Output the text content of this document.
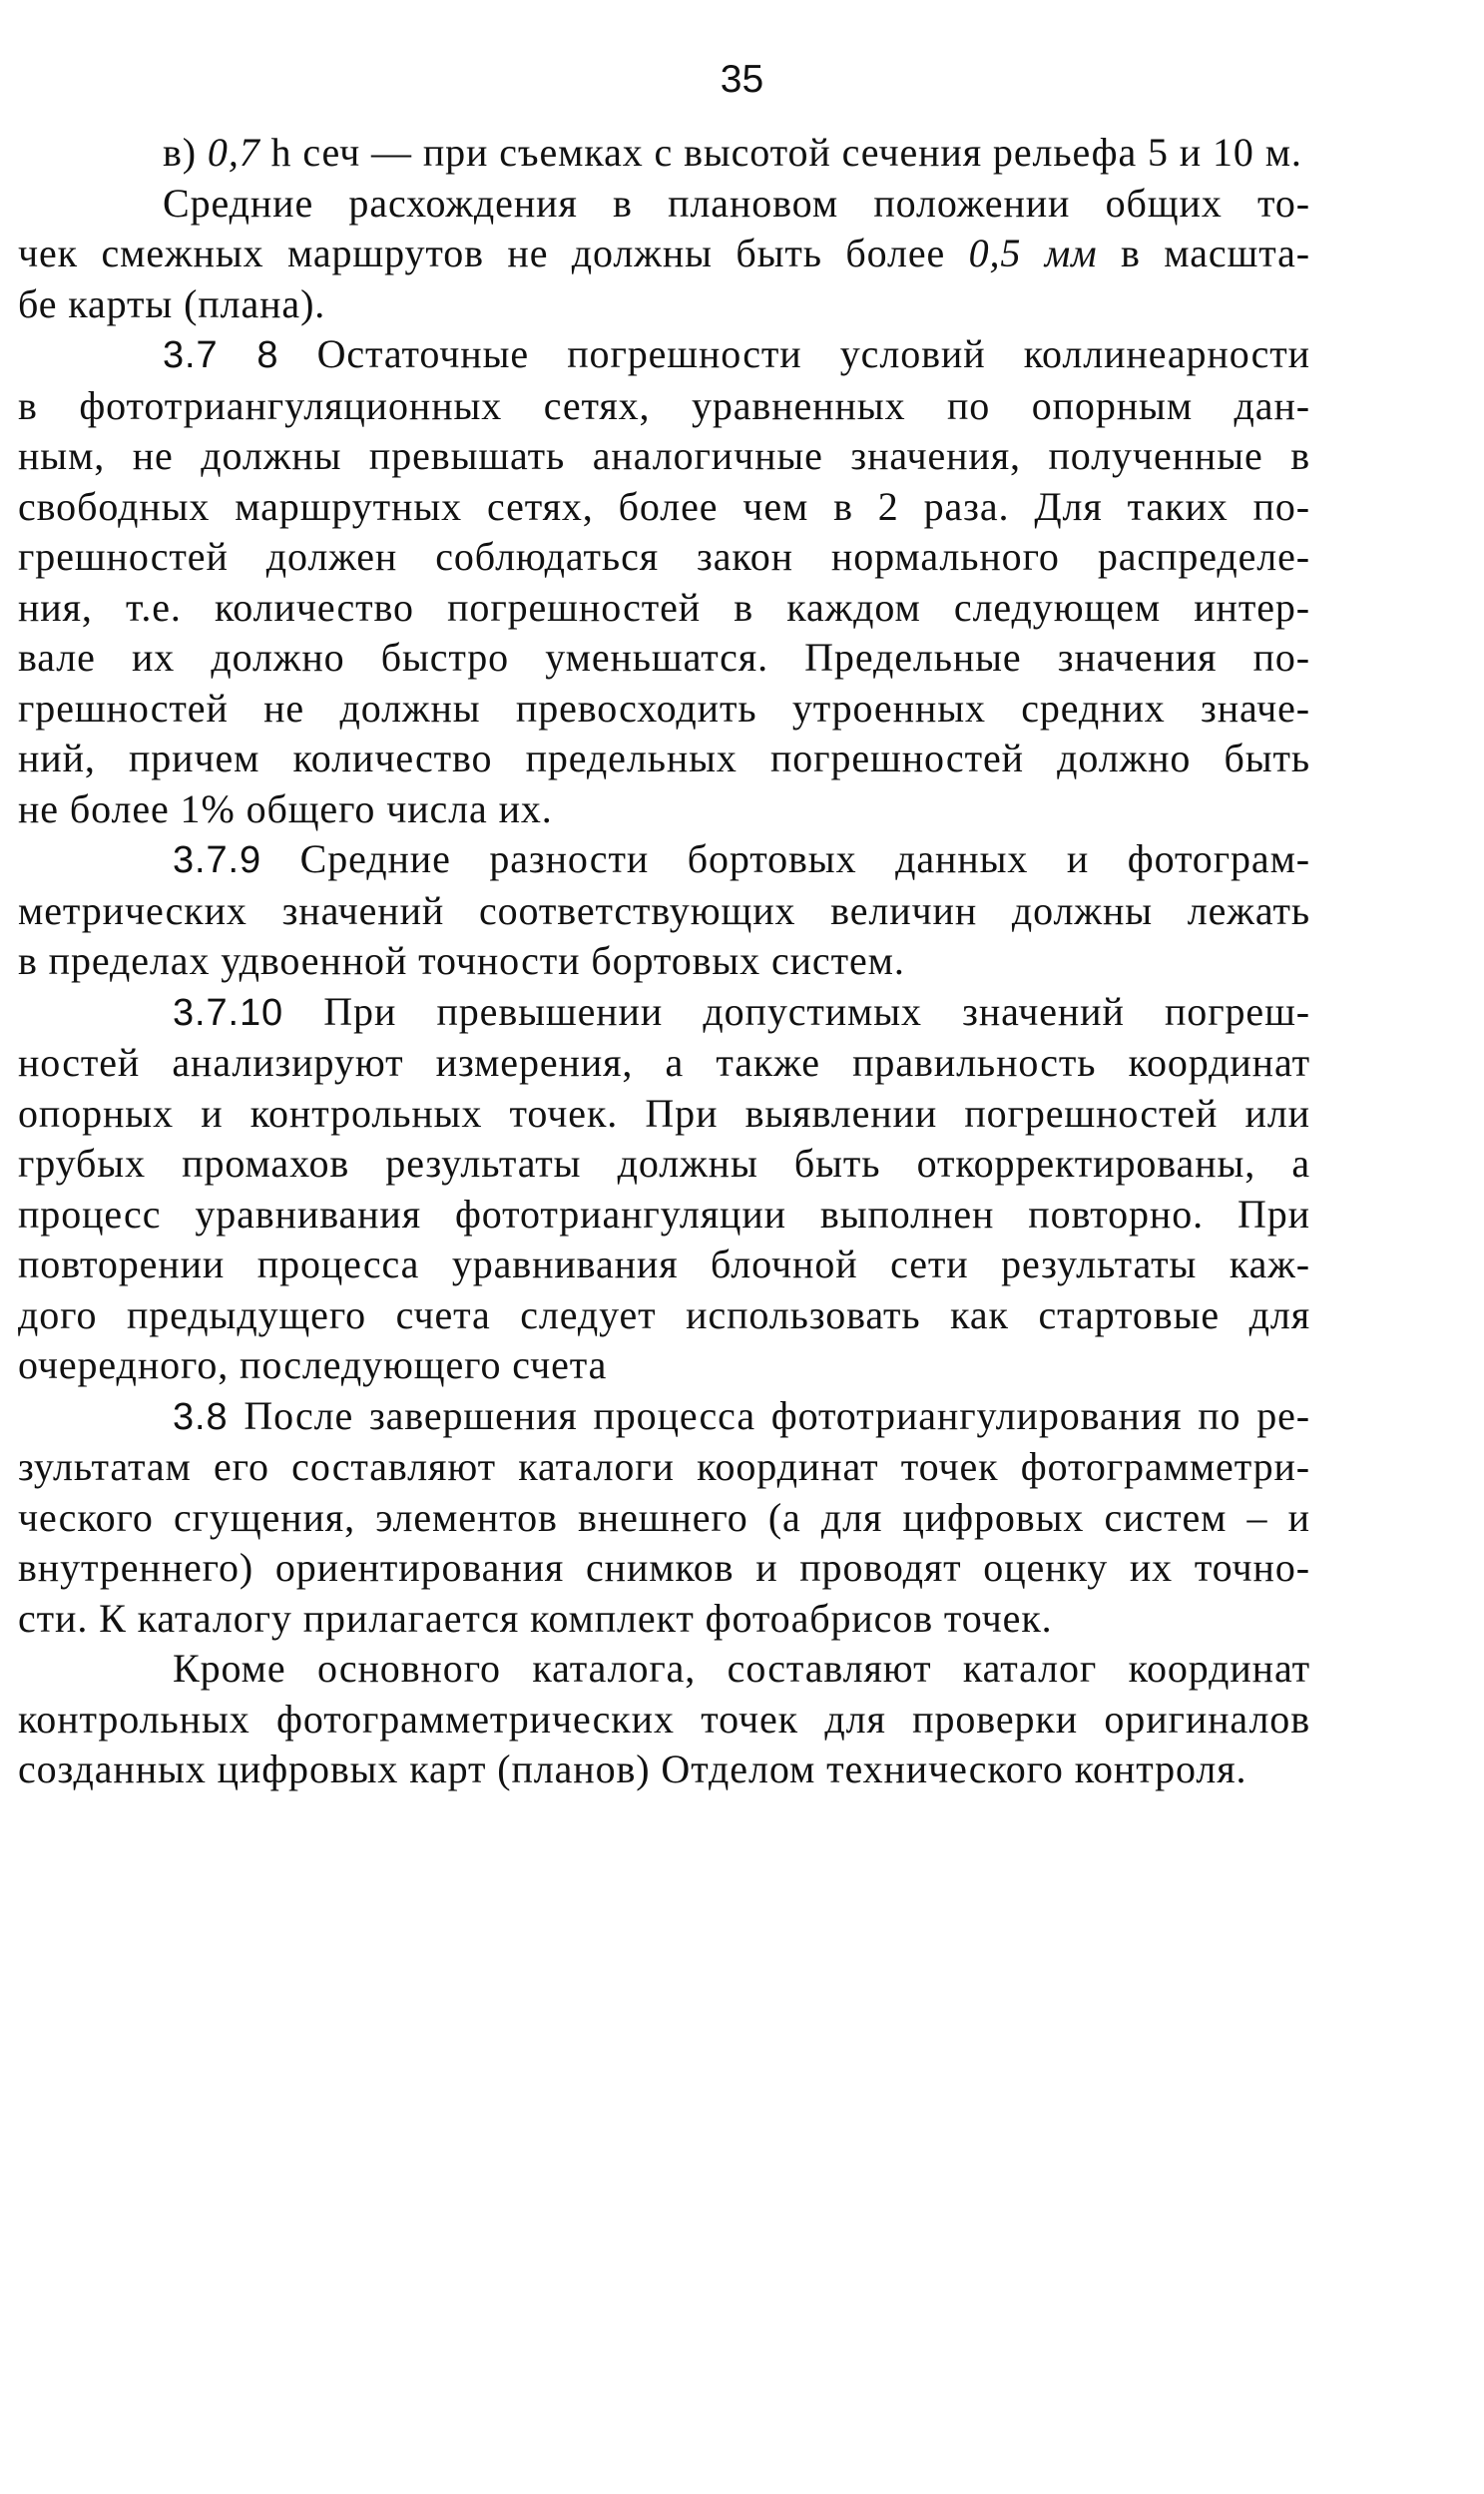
35
в) 0,7 h сеч — при съемках с высотой сечения рельефа 5 и 10 м.
Средние расхождения в плановом положении общих то-
чек смежных маршрутов не должны быть более 0,5 мм в масшта-
бе карты (плана).
3.7 8 Остаточные погрешности условий коллинеарности
в фототриангуляционных сетях, уравненных по опорным дан-
ным, не должны превышать аналогичные значения, полученные в
свободных маршрутных сетях, более чем в 2 раза. Для таких по-
грешностей должен соблюдаться закон нормального распределе-
ния, т.е. количество погрешностей в каждом следующем интер-
вале их должно быстро уменьшатся. Предельные значения по-
грешностей не должны превосходить утроенных средних значе-
ний, причем количество предельных погрешностей должно быть
не более 1% общего числа их.
3.7.9 Средние разности бортовых данных и фотограм-
метрических значений соответствующих величин должны лежать
в пределах удвоенной точности бортовых систем.
3.7.10 При превышении допустимых значений погреш-
ностей анализируют измерения, а также правильность координат
опорных и контрольных точек. При выявлении погрешностей или
грубых промахов результаты должны быть откорректированы, а
процесс уравнивания фототриангуляции выполнен повторно. При
повторении процесса уравнивания блочной сети результаты каж-
дого предыдущего счета следует использовать как стартовые для
очередного, последующего счета
3.8 После завершения процесса фототриангулирования по ре-
зультатам его составляют каталоги координат точек фотограмметри-
ческого сгущения, элементов внешнего (а для цифровых систем – и
внутреннего) ориентирования снимков и проводят оценку их точно-
сти. К каталогу прилагается комплект фотоабрисов точек.
Кроме основного каталога, составляют каталог координат
контрольных фотограмметрических точек для проверки оригиналов
созданных цифровых карт (планов) Отделом технического контроля.
